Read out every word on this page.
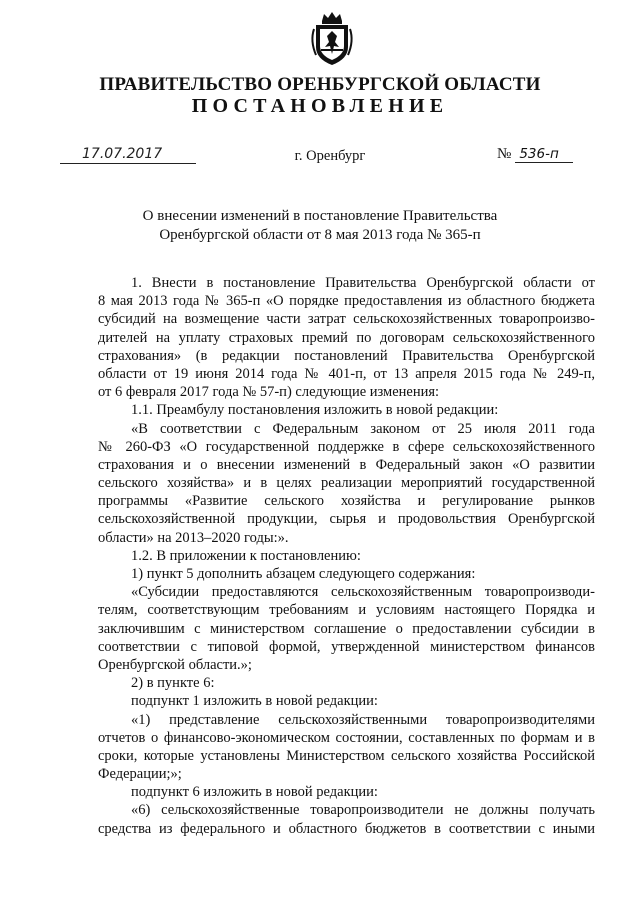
ПРАВИТЕЛЬСТВО ОРЕНБУРГСКОЙ ОБЛАСТИ
ПОСТАНОВЛЕНИЕ
17.07.2017	г. Оренбург	№ 536-п
О внесении изменений в постановление Правительства
Оренбургской области от 8 мая 2013 года № 365-п
1. Внести в постановление Правительства Оренбургской области от
8 мая 2013 года № 365-п «О порядке предоставления из областного бюджета
субсидий на возмещение части затрат сельскохозяйственных товаропроизво-
дителей на уплату страховых премий по договорам сельскохозяйственного
страхования» (в редакции постановлений Правительства Оренбургской
области от 19 июня 2014 года № 401-п, от 13 апреля 2015 года № 249-п,
от 6 февраля 2017 года № 57-п) следующие изменения:
1.1. Преамбулу постановления изложить в новой редакции:
«В соответствии с Федеральным законом от 25 июля 2011 года
№ 260-ФЗ «О государственной поддержке в сфере сельскохозяйственного
страхования и о внесении изменений в Федеральный закон «О развитии
сельского хозяйства» и в целях реализации мероприятий государственной
программы «Развитие сельского хозяйства и регулирование рынков
сельскохозяйственной продукции, сырья и продовольствия Оренбургской
области» на 2013–2020 годы:».
1.2. В приложении к постановлению:
1) пункт 5 дополнить абзацем следующего содержания:
«Субсидии предоставляются сельскохозяйственным товаропроизводи-
телям, соответствующим требованиям и условиям настоящего Порядка и
заключившим с министерством соглашение о предоставлении субсидии в
соответствии с типовой формой, утвержденной министерством финансов
Оренбургской области.»;
2) в пункте 6:
подпункт 1 изложить в новой редакции:
«1) представление сельскохозяйственными товаропроизводителями
отчетов о финансово-экономическом состоянии, составленных по формам и в
сроки, которые установлены Министерством сельского хозяйства Российской
Федерации;»;
подпункт 6 изложить в новой редакции:
«6) сельскохозяйственные товаропроизводители не должны получать
средства из федерального и областного бюджетов в соответствии с иными
